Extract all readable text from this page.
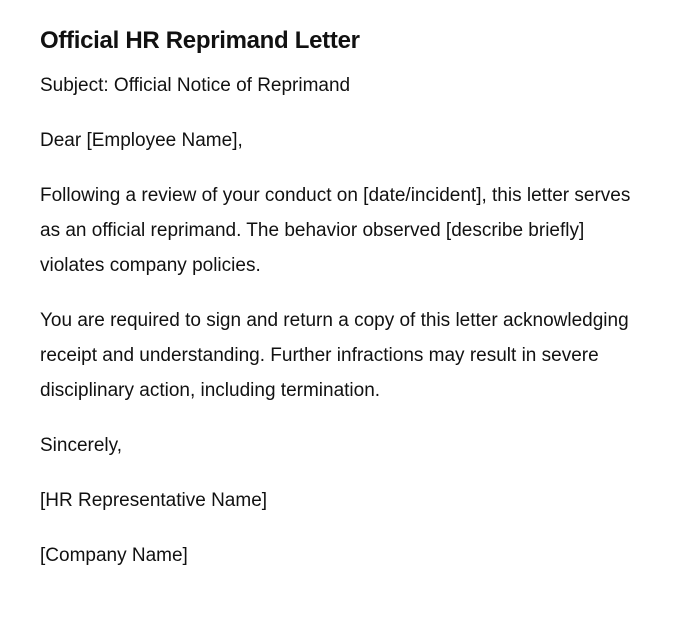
Official HR Reprimand Letter

Subject: Official Notice of Reprimand

Dear [Employee Name],

Following a review of your conduct on [date/incident], this letter serves as an official reprimand. The behavior observed [describe briefly] violates company policies.

You are required to sign and return a copy of this letter acknowledging receipt and understanding. Further infractions may result in severe disciplinary action, including termination.

Sincerely,

[HR Representative Name]

[Company Name]
